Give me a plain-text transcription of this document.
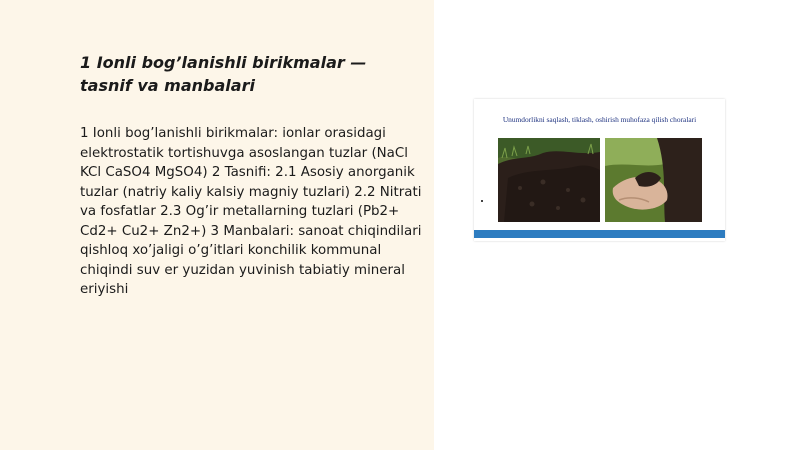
1 Ionli bog’lanishli birikmalar — tasnif va manbalari

1 Ionli bog’lanishli birikmalar: ionlar orasidagi elektrostatik tortishuvga asoslangan tuzlar (NaCl KCl CaSO4 MgSO4) 2 Tasnifi: 2.1 Asosiy anorganik tuzlar (natriy kaliy kalsiy magniy tuzlari) 2.2 Nitrati va fosfatlar 2.3 Og’ir metallarning tuzlari (Pb2+ Cd2+ Cu2+ Zn2+) 3 Manbalari: sanoat chiqindilari qishloq xo’jaligi o’g’itlari konchilik kommunal chiqindi suv er yuzidan yuvinish tabiatiy mineral eriyishi

Unumdorlikni saqlash, tiklash, oshirish muhofaza qilish choralari
